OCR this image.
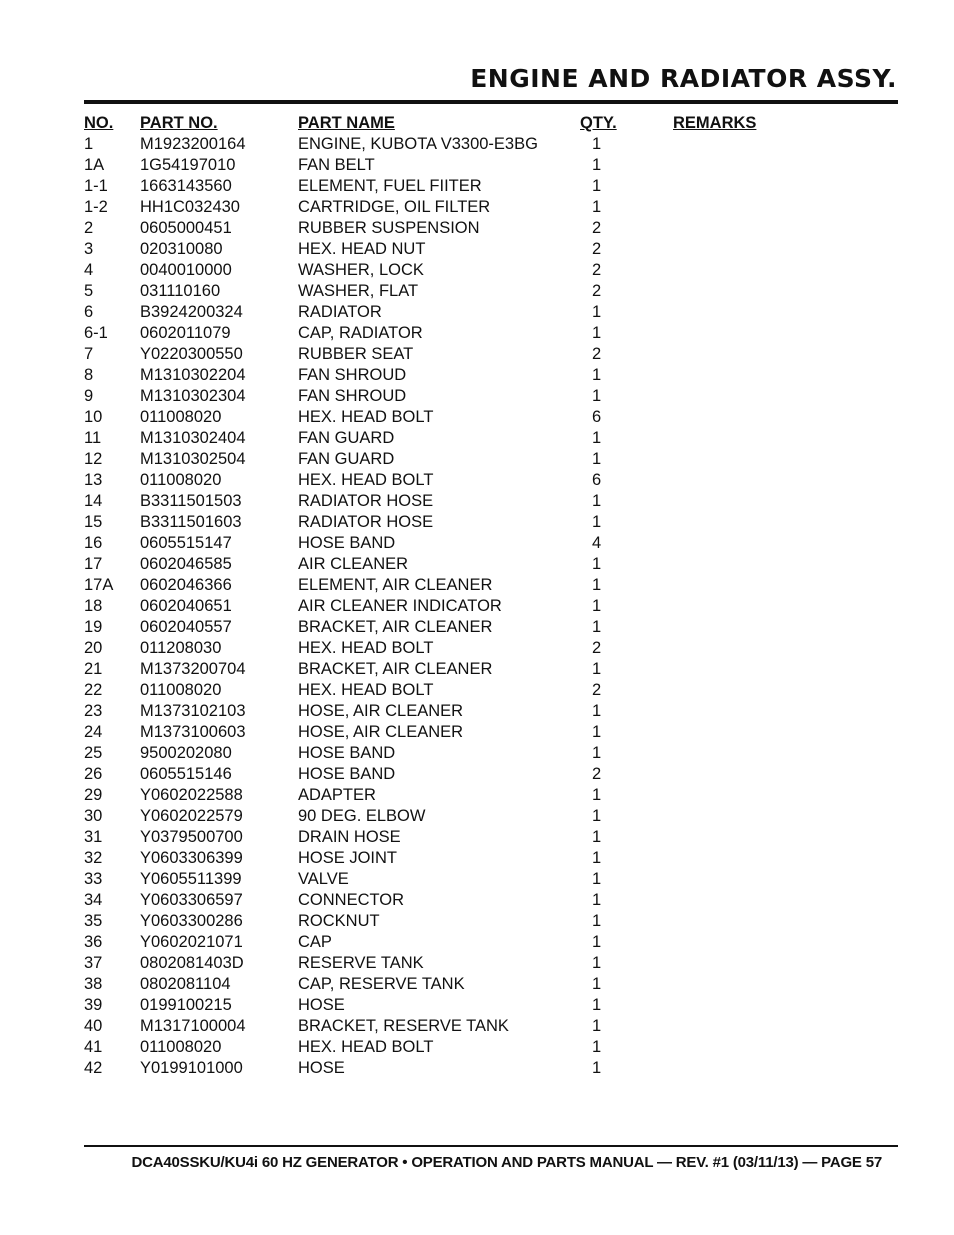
ENGINE AND RADIATOR ASSY.
NO. PART NO.	PART NAME	QTY.	REMARKS
1	M1923200164	ENGINE, KUBOTA V3300-E3BG	1
1A 1G54197010	FAN BELT	1
1-1 1663143560	ELEMENT, FUEL FIITER	1
1-2 HH1C032430	CARTRIDGE, OIL FILTER	1
2	0605000451	RUBBER SUSPENSION	2
3	020310080	HEX. HEAD NUT	2
4	0040010000	WASHER, LOCK	2
5	031110160	WASHER, FLAT	2
6	B3924200324	RADIATOR	1
6-1 0602011079	CAP, RADIATOR	1
7	Y0220300550	RUBBER SEAT	2
8	M1310302204	FAN SHROUD	1
9	M1310302304	FAN SHROUD	1
10 011008020	HEX. HEAD BOLT	6
11 M1310302404	FAN GUARD	1
12 M1310302504	FAN GUARD	1
13 011008020	HEX. HEAD BOLT	6
14 B3311501503	RADIATOR HOSE	1
15 B3311501603	RADIATOR HOSE	1
16 0605515147	HOSE BAND	4
17 0602046585	AIR CLEANER	1
17A 0602046366	ELEMENT, AIR CLEANER	1
18 0602040651	AIR CLEANER INDICATOR	1
19 0602040557	BRACKET, AIR CLEANER	1
20 011208030	HEX. HEAD BOLT	2
21 M1373200704	BRACKET, AIR CLEANER	1
22 011008020	HEX. HEAD BOLT	2
23 M1373102103	HOSE, AIR CLEANER	1
24 M1373100603	HOSE, AIR CLEANER	1
25 9500202080	HOSE BAND	1
26 0605515146	HOSE BAND	2
29 Y0602022588	ADAPTER	1
30 Y0602022579	90 DEG. ELBOW	1
31 Y0379500700	DRAIN HOSE	1
32 Y0603306399	HOSE JOINT	1
33 Y0605511399	VALVE	1
34 Y0603306597	CONNECTOR	1
35 Y0603300286	ROCKNUT	1
36 Y0602021071	CAP	1
37 0802081403D	RESERVE TANK	1
38 0802081104	CAP, RESERVE TANK	1
39 0199100215	HOSE	1
40 M1317100004	BRACKET, RESERVE TANK	1
41 011008020	HEX. HEAD BOLT	1
42 Y0199101000	HOSE	1
DCA40SSKU/KU4i 60 HZ GENERATOR • OPERATION AND PARTS MANUAL — REV. #1 (03/11/13) — PAGE 57
